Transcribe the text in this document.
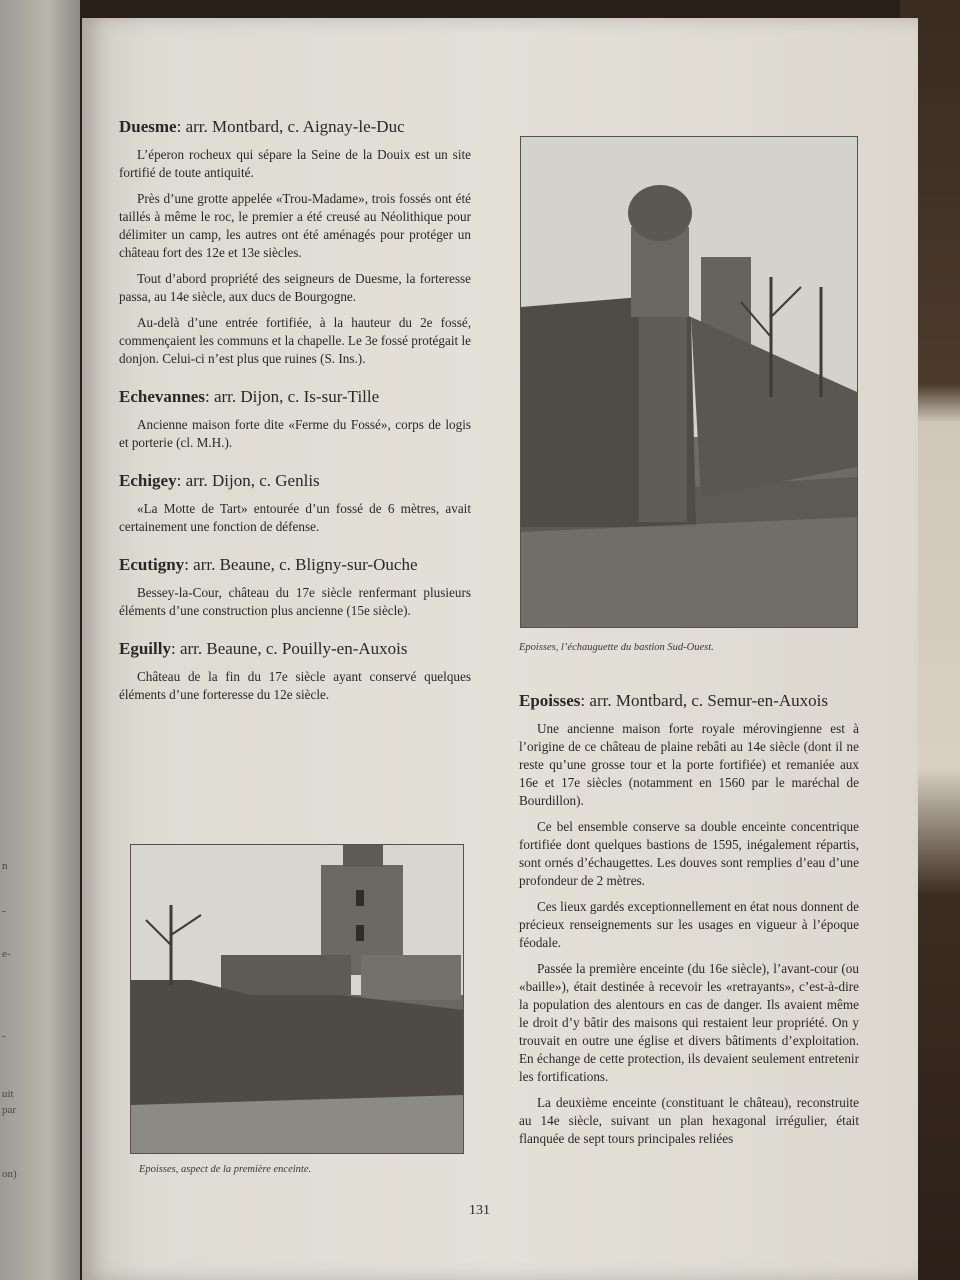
n
-
e-
-
uit
par
on)
Duesme: arr. Montbard, c. Aignay-le-Duc

L’éperon rocheux qui sépare la Seine de la Douix est un site fortifié de toute antiquité.

Près d’une grotte appelée «Trou-Madame», trois fossés ont été taillés à même le roc, le premier a été creusé au Néolithique pour délimiter un camp, les autres ont été aménagés pour protéger un château fort des 12e et 13e siècles.

Tout d’abord propriété des seigneurs de Duesme, la forteresse passa, au 14e siècle, aux ducs de Bourgogne.

Au-delà d’une entrée fortifiée, à la hauteur du 2e fossé, commençaient les communs et la chapelle. Le 3e fossé protégait le donjon. Celui-ci n’est plus que ruines (S. Ins.).

Echevannes: arr. Dijon, c. Is-sur-Tille

Ancienne maison forte dite «Ferme du Fossé», corps de logis et porterie (cl. M.H.).

Echigey: arr. Dijon, c. Genlis

«La Motte de Tart» entourée d’un fossé de 6 mètres, avait certainement une fonction de défense.

Ecutigny: arr. Beaune, c. Bligny-sur-Ouche

Bessey-la-Cour, château du 17e siècle renfermant plusieurs éléments d’une construction plus ancienne (15e siècle).

Eguilly: arr. Beaune, c. Pouilly-en-Auxois

Château de la fin du 17e siècle ayant conservé quelques éléments d’une forteresse du 12e siècle.

Epoisses, l’échauguette du bastion Sud-Ouest.
Epoisses: arr. Montbard, c. Semur-en-Auxois

Une ancienne maison forte royale mérovingienne est à l’origine de ce château de plaine rebâti au 14e siècle (dont il ne reste qu’une grosse tour et la porte fortifiée) et remaniée aux 16e et 17e siècles (notamment en 1560 par le maréchal de Bourdillon).

Ce bel ensemble conserve sa double enceinte concentrique fortifiée dont quelques bastions de 1595, inégalement répartis, sont ornés d’échaugettes. Les douves sont remplies d’eau d’une profondeur de 2 mètres.

Ces lieux gardés exceptionnellement en état nous donnent de précieux renseignements sur les usages en vigueur à l’époque féodale.

Passée la première enceinte (du 16e siècle), l’avant-cour (ou «baille»), était destinée à recevoir les «retrayants», c’est-à-dire la population des alentours en cas de danger. Ils avaient même le droit d’y bâtir des maisons qui restaient leur propriété. On y trouvait en outre une église et divers bâtiments d’exploitation. En échange de cette protection, ils devaient seulement entretenir les fortifications.

La deuxième enceinte (constituant le château), reconstruite au 14e siècle, suivant un plan hexagonal irrégulier, était flanquée de sept tours principales reliées

Epoisses, aspect de la première enceinte.
131
